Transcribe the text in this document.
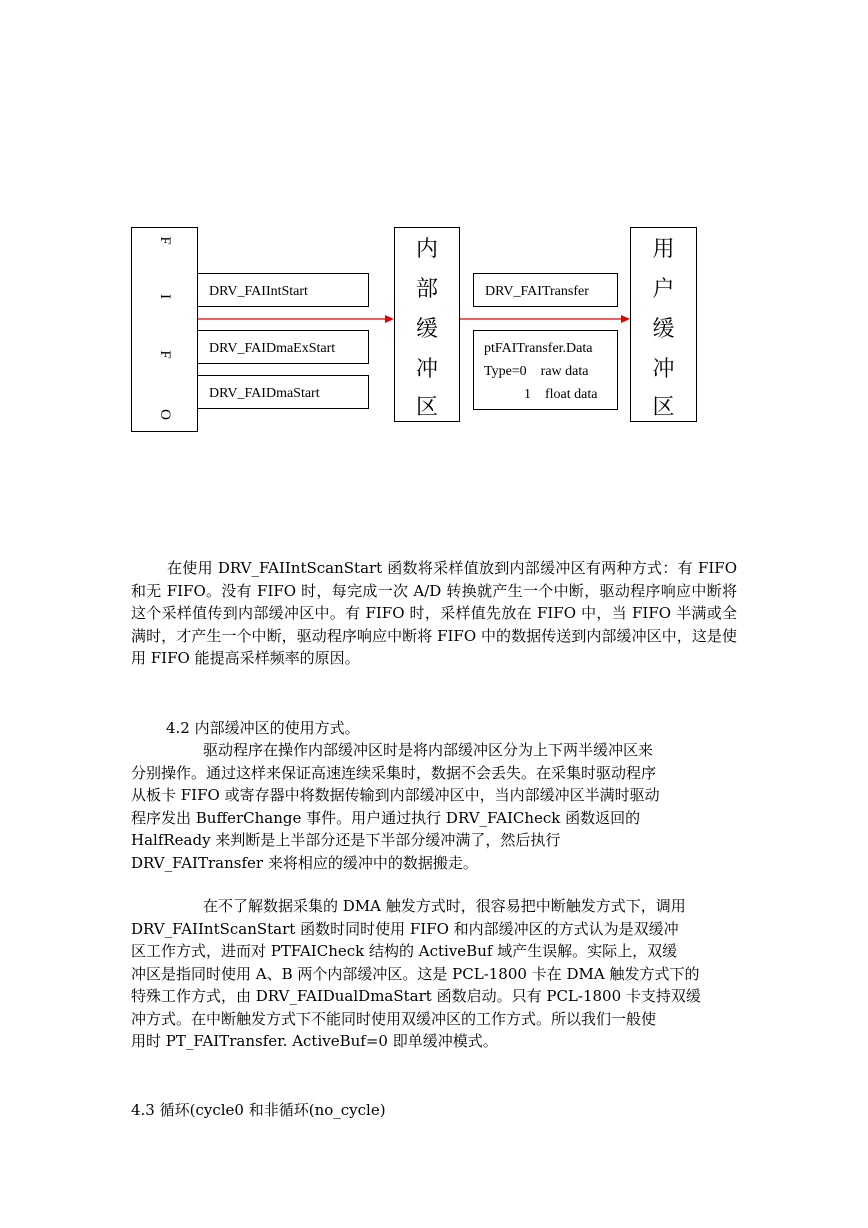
F
I
F
O
DRV_FAIIntStart
DRV_FAIDmaExStart
DRV_FAIDmaStart
内
部
缓
冲
区
DRV_FAITransfer
ptFAITransfer.Data
Type=0    raw data
1    float data
用
户
缓
冲
区

在使用 DRV_FAIIntScanStart 函数将采样值放到内部缓冲区有两种方式：有 FIFO 和无 FIFO。没有 FIFO 时，每完成一次 A/D 转换就产生一个中断，驱动程序响应中断将这个采样值传到内部缓冲区中。有 FIFO 时，采样值先放在 FIFO 中，当 FIFO 半满或全满时，才产生一个中断，驱动程序响应中断将 FIFO 中的数据传送到内部缓冲区中，这是使用 FIFO 能提高采样频率的原因。

4.2 内部缓冲区的使用方式。
驱动程序在操作内部缓冲区时是将内部缓冲区分为上下两半缓冲区来
分别操作。通过这样来保证高速连续采集时，数据不会丢失。在采集时驱动程序
从板卡 FIFO 或寄存器中将数据传输到内部缓冲区中，当内部缓冲区半满时驱动
程序发出 BufferChange 事件。用户通过执行 DRV_FAICheck 函数返回的
HalfReady 来判断是上半部分还是下半部分缓冲满了，然后执行
DRV_FAITransfer 来将相应的缓冲中的数据搬走。
在不了解数据采集的 DMA 触发方式时，很容易把中断触发方式下，调用
DRV_FAIIntScanStart 函数时同时使用 FIFO 和内部缓冲区的方式认为是双缓冲
区工作方式，进而对 PTFAICheck 结构的 ActiveBuf 域产生误解。实际上，双缓
冲区是指同时使用 A、B 两个内部缓冲区。这是 PCL-1800 卡在 DMA 触发方式下的
特殊工作方式，由 DRV_FAIDualDmaStart 函数启动。只有 PCL-1800 卡支持双缓
冲方式。在中断触发方式下不能同时使用双缓冲区的工作方式。所以我们一般使
用时 PT_FAITransfer. ActiveBuf=0 即单缓冲模式。
4.3 循环(cycle0 和非循环(no_cycle)
